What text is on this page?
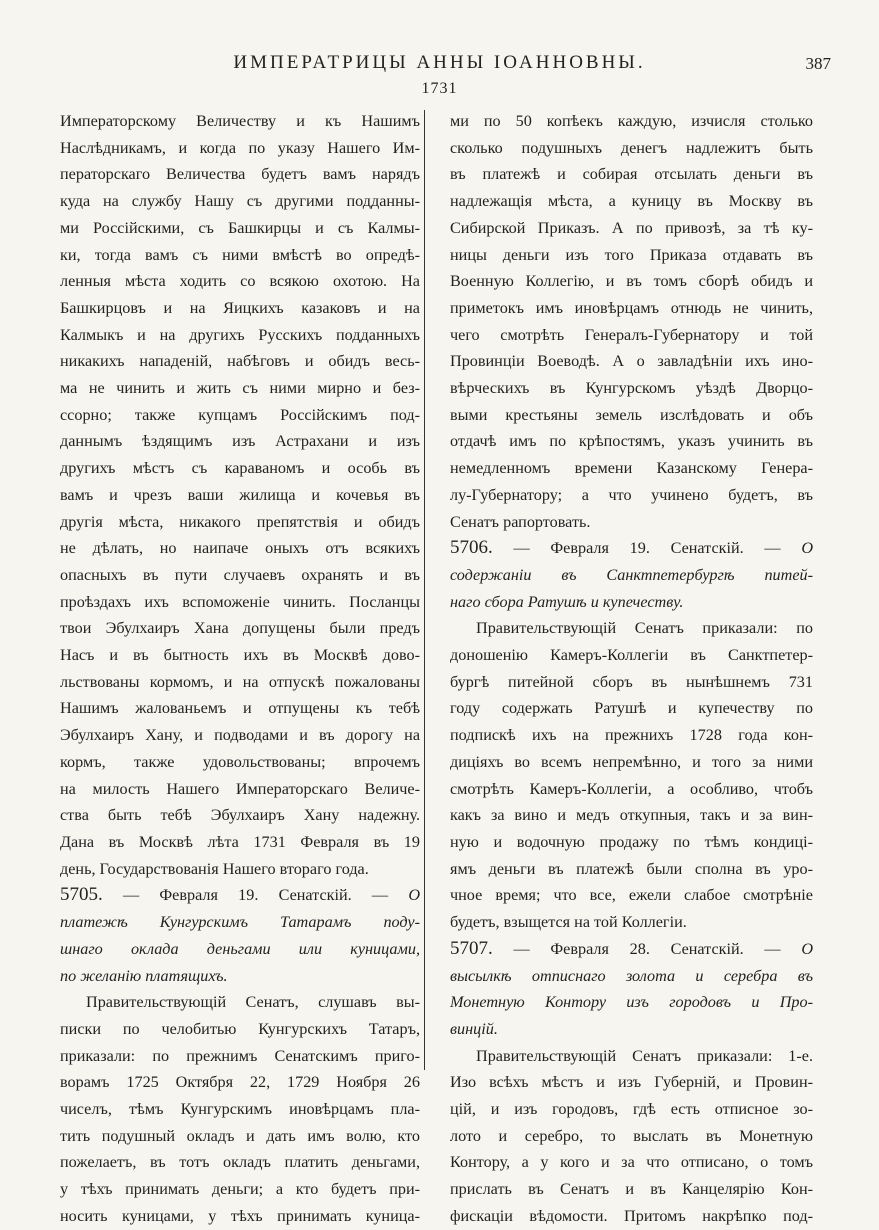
ИМПЕРАТРИЦЫ АННЫ IОАННОВНЫ.	387
1731
Императорскому Величеству и къ Нашимъ
Наслѣдникамъ, и когда по указу Нашего Им-
ператорскаго Величества будетъ вамъ нарядъ
куда на службу Нашу съ другими подданны-
ми Россiйскими, съ Башкирцы и съ Калмы-
ки, тогда вамъ съ ними вмѣстѣ во опредѣ-
ленныя мѣста ходить со всякою охотою. На
Башкирцовъ и на Яицкихъ казаковъ и на
Калмыкъ и на другихъ Русскихъ подданныхъ
никакихъ нападенiй, набѣговъ и обидъ весь-
ма не чинить и жить съ ними мирно и без-
ссорно; также купцамъ Россiйскимъ под-
даннымъ ѣздящимъ изъ Астрахани и изъ
другихъ мѣстъ съ караваномъ и особь въ
вамъ и чрезъ ваши жилища и кочевья въ
другiя мѣста, никакого препятствiя и обидъ
не дѣлать, но наипаче оныхъ отъ всякихъ
опасныхъ въ пути случаевъ охранять и въ
проѣздахъ ихъ вспоможенiе чинить. Посланцы
твои Эбулхаиръ Хана допущены были предъ
Насъ и въ бытность ихъ въ Москвѣ дово-
льствованы кормомъ, и на отпускѣ пожалованы
Нашимъ жалованьемъ и отпущены къ тебѣ
Эбулхаиръ Хану, и подводами и въ дорогу на
кормъ, также удовольствованы; впрочемъ
на милость Нашего Императорскаго Величе-
ства быть тебѣ Эбулхаиръ Хану надежну.
Дана въ Москвѣ лѣта 1731 Февраля въ 19
день, Государствованiя Нашего втораго года.
5705. — Февраля 19. Сенатскiй. — О
платежѣ Кунгурскимъ Татарамъ поду-
шнаго оклада деньгами или куницами,
по желанiю платящихъ.
Правительствующiй Сенатъ, слушавъ вы-
писки по челобитью Кунгурскихъ Татаръ,
приказали: по прежнимъ Сенатскимъ приго-
ворамъ 1725 Октября 22, 1729 Ноября 26
чиселъ, тѣмъ Кунгурскимъ иновѣрцамъ пла-
тить подушный окладъ и дать имъ волю, кто
пожелаетъ, въ тотъ окладъ платить деньгами,
у тѣхъ принимать деньги; а кто будетъ при-
носить куницами, у тѣхъ принимать куница-
ми по 50 копѣекъ каждую, изчисля столько
сколько подушныхъ денегъ надлежитъ быть
въ платежѣ и собирая отсылать деньги въ
надлежащiя мѣста, а куницу въ Москву въ
Сибирской Приказъ. А по привозѣ, за тѣ ку-
ницы деньги изъ того Приказа отдавать въ
Военную Коллегiю, и въ томъ сборѣ обидъ и
приметокъ имъ иновѣрцамъ отнюдь не чинить,
чего смотрѣть Генералъ-Губернатору и той
Провинцiи Воеводѣ. А о завладѣнiи ихъ ино-
вѣрческихъ въ Кунгурскомъ уѣздѣ Дворцо-
выми крестьяны земель изслѣдовать и объ
отдачѣ имъ по крѣпостямъ, указъ учинить въ
немедленномъ времени Казанскому Генера-
лу-Губернатору; а что учинено будетъ, въ
Сенатъ рапортовать.
5706. — Февраля 19. Сенатскiй. — О
содержанiи въ Санктпетербургѣ питей-
наго сбора Ратушѣ и купечеству.
Правительствующiй Сенатъ приказали: по
доношенiю Камеръ-Коллегiи въ Санктпетер-
бургѣ питейной сборъ въ нынѣшнемъ 731
году содержать Ратушѣ и купечеству по
подпискѣ ихъ на прежнихъ 1728 года кон-
дицiяхъ во всемъ непремѣнно, и того за ними
смотрѣть Камеръ-Коллегiи, а особливо, чтобъ
какъ за вино и медъ откупныя, такъ и за вин-
ную и водочную продажу по тѣмъ кондицi-
ямъ деньги въ платежѣ были сполна въ уро-
чное время; что все, ежели слабое смотрѣнiе
будетъ, взыщется на той Коллегiи.
5707. — Февраля 28. Сенатскiй. — О
высылкѣ отписнаго золота и серебра въ
Монетную Контору изъ городовъ и Про-
винцiй.
Правительствующiй Сенатъ приказали: 1-е.
Изо всѣхъ мѣстъ и изъ Губернiй, и Провин-
цiй, и изъ городовъ, гдѣ есть отписное зо-
лото и серебро, то выслать въ Монетную
Контору, а у кого и за что отписано, о томъ
прислать въ Сенатъ и въ Канцелярiю Кон-
фискацiи вѣдомости. Притомъ накрѣпко под-
